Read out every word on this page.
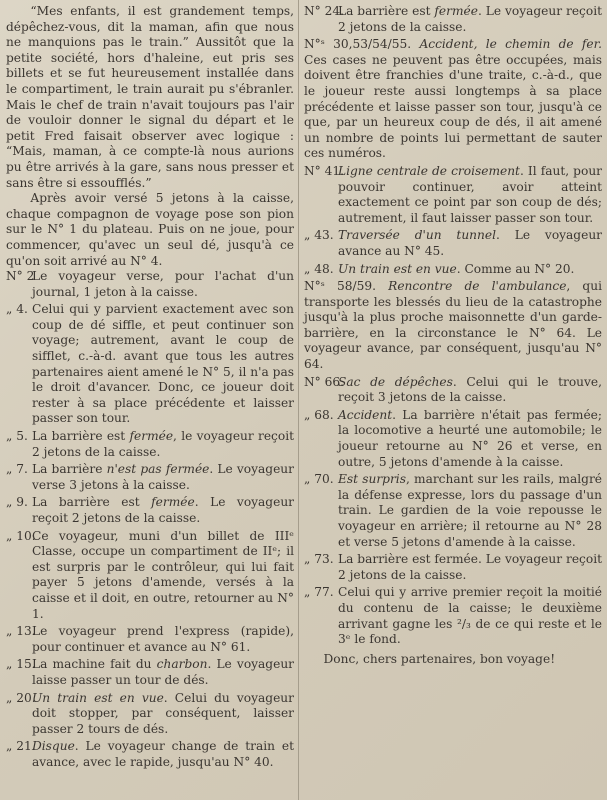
“Mes enfants, il est grandement temps, dépêchez-vous, dit la maman, afin que nous ne manquions pas le train.” Aussitôt que la petite société, hors d'haleine, eut pris ses billets et se fut heureusement installée dans le compartiment, le train aurait pu s'ébranler. Mais le chef de train n'avait toujours pas l'air de vouloir donner le signal du départ et le petit Fred faisait observer avec logique : “Mais, maman, à ce compte-là nous aurions pu être arrivés à la gare, sans nous presser et sans être si essoufflés.”

Après avoir versé 5 jetons à la caisse, chaque compagnon de voyage pose son pion sur le N° 1 du plateau. Puis on ne joue, pour commencer, qu'avec un seul dé, jusqu'à ce qu'on soit arrivé au N° 4.

N° 2
Le voyageur verse, pour l'achat d'un journal, 1 jeton à la caisse.
„ 4. Celui qui y parvient exactement avec son coup de dé siffle, et peut continuer son voyage; autrement, avant le coup de sifflet, c.-à-d. avant que tous les autres partenaires aient amené le N° 5, il n'a pas le droit d'avancer. Donc, ce joueur doit rester à sa place précédente et laisser passer son tour.
„ 5. La barrière est fermée, le voyageur reçoit 2 jetons de la caisse.
„ 7. La barrière n'est pas fermée. Le voyageur verse 3 jetons à la caisse.
„ 9. La barrière est fermée. Le voyageur reçoit 2 jetons de la caisse.
„ 10.
Ce voyageur, muni d'un billet de IIIᵉ Classe, occupe un compartiment de IIᵉ; il est surpris par le contrôleur, qui lui fait payer 5 jetons d'amende, versés à la caisse et il doit, en outre, retourner au N° 1.
„ 13.
Le voyageur prend l'express (rapide), pour continuer et avance au N° 61.
„ 15.
La machine fait du charbon. Le voyageur laisse passer un tour de dés.
„ 20.
Un train est en vue. Celui du voyageur doit stopper, par conséquent, laisser passer 2 tours de dés.
„ 21.
Disque. Le voyageur change de train et avance, avec le rapide, jusqu'au N° 40.
N° 24.
La barrière est fermée. Le voyageur reçoit 2 jetons de la caisse.
N°ˢ 30,53/54/55. Accident, le chemin de fer. Ces cases ne peuvent pas être occupées, mais doivent être franchies d'une traite, c.-à-d., que le joueur reste aussi longtemps à sa place précédente et laisse passer son tour, jusqu'à ce que, par un heureux coup de dés, il ait amené un nombre de points lui permettant de sauter ces numéros.
N° 41.
Ligne centrale de croisement. Il faut, pour pouvoir continuer, avoir atteint exactement ce point par son coup de dés; autrement, il faut laisser passer son tour.
„ 43. Traversée d'un tunnel. Le voyageur avance au N° 45.
„ 48. Un train est en vue. Comme au N° 20.
N°ˢ 58/59. Rencontre de l'ambulance, qui transporte les blessés du lieu de la catastrophe jusqu'à la plus proche maisonnette d'un garde-barrière, en la circonstance le N° 64. Le voyageur avance, par conséquent, jusqu'au N° 64.
N° 66.
Sac de dépêches. Celui qui le trouve, reçoit 3 jetons de la caisse.
„ 68. Accident. La barrière n'était pas fermée; la locomotive a heurté une automobile; le joueur retourne au N° 26 et verse, en outre, 5 jetons d'amende à la caisse.
„ 70. Est surpris, marchant sur les rails, malgré la défense expresse, lors du passage d'un train. Le gardien de la voie repousse le voyageur en arrière; il retourne au N° 28 et verse 5 jetons d'amende à la caisse.
„ 73. La barrière est fermée. Le voyageur reçoit 2 jetons de la caisse.
„ 77. Celui qui y arrive premier reçoit la moitié du contenu de la caisse; le deuxième arrivant gagne les ²/₃ de ce qui reste et le 3ᵉ le fond.

Donc, chers partenaires, bon voyage!
